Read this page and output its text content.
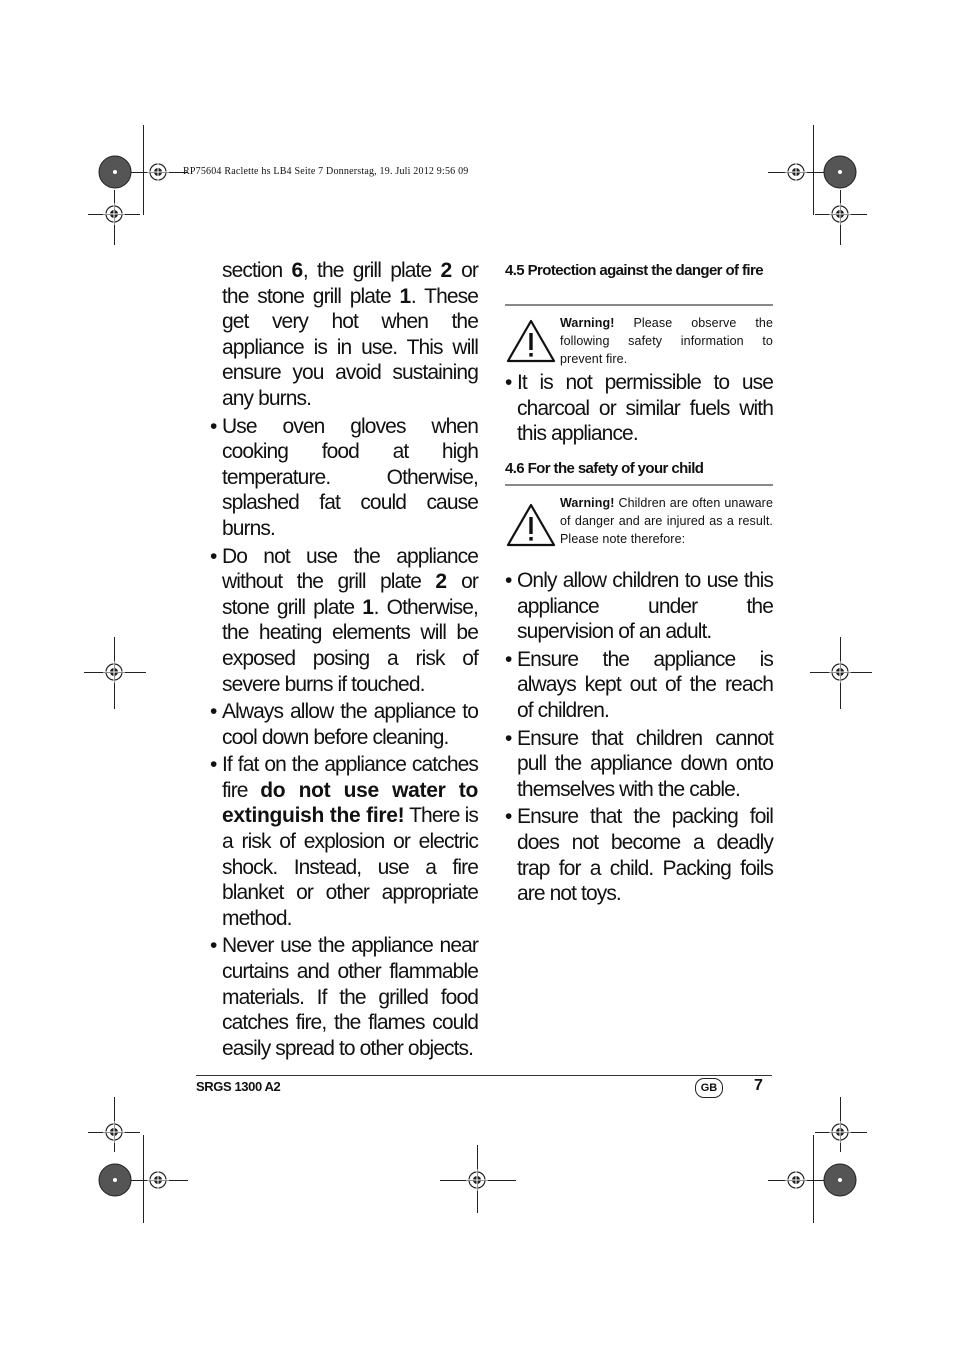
RP75604 Raclette hs LB4 Seite 7 Donnerstag, 19. Juli 2012 9:56 09

section 6, the grill plate 2 or the stone grill plate 1. These get very hot when the appliance is in use. This will ensure you avoid sustaining any burns.

• Use oven gloves when cooking food at high temperature. Otherwise, splashed fat could cause burns.
• Do not use the appliance without the grill plate 2 or stone grill plate 1. Otherwise, the heating elements will be exposed posing a risk of severe burns if touched.
• Always allow the appliance to cool down before cleaning.
• If fat on the appliance catches fire do not use water to extinguish the fire! There is a risk of explosion or electric shock. Instead, use a fire blanket or other appropriate method.
• Never use the appliance near curtains and other flammable materials. If the grilled food catches fire, the flames could easily spread to other objects.
4.5 Protection against the danger of fire
Warning! Please observe the following safety information to prevent fire.
• It is not permissible to use charcoal or similar fuels with this appliance.
4.6 For the safety of your child
Warning! Children are often unaware of danger and are injured as a result. Please note therefore:
• Only allow children to use this appliance under the supervision of an adult.
• Ensure the appliance is always kept out of the reach of children.
• Ensure that children cannot pull the appliance down onto themselves with the cable.
• Ensure that the packing foil does not become a deadly trap for a child. Packing foils are not toys.
SRGS 1300 A2	GB	7
